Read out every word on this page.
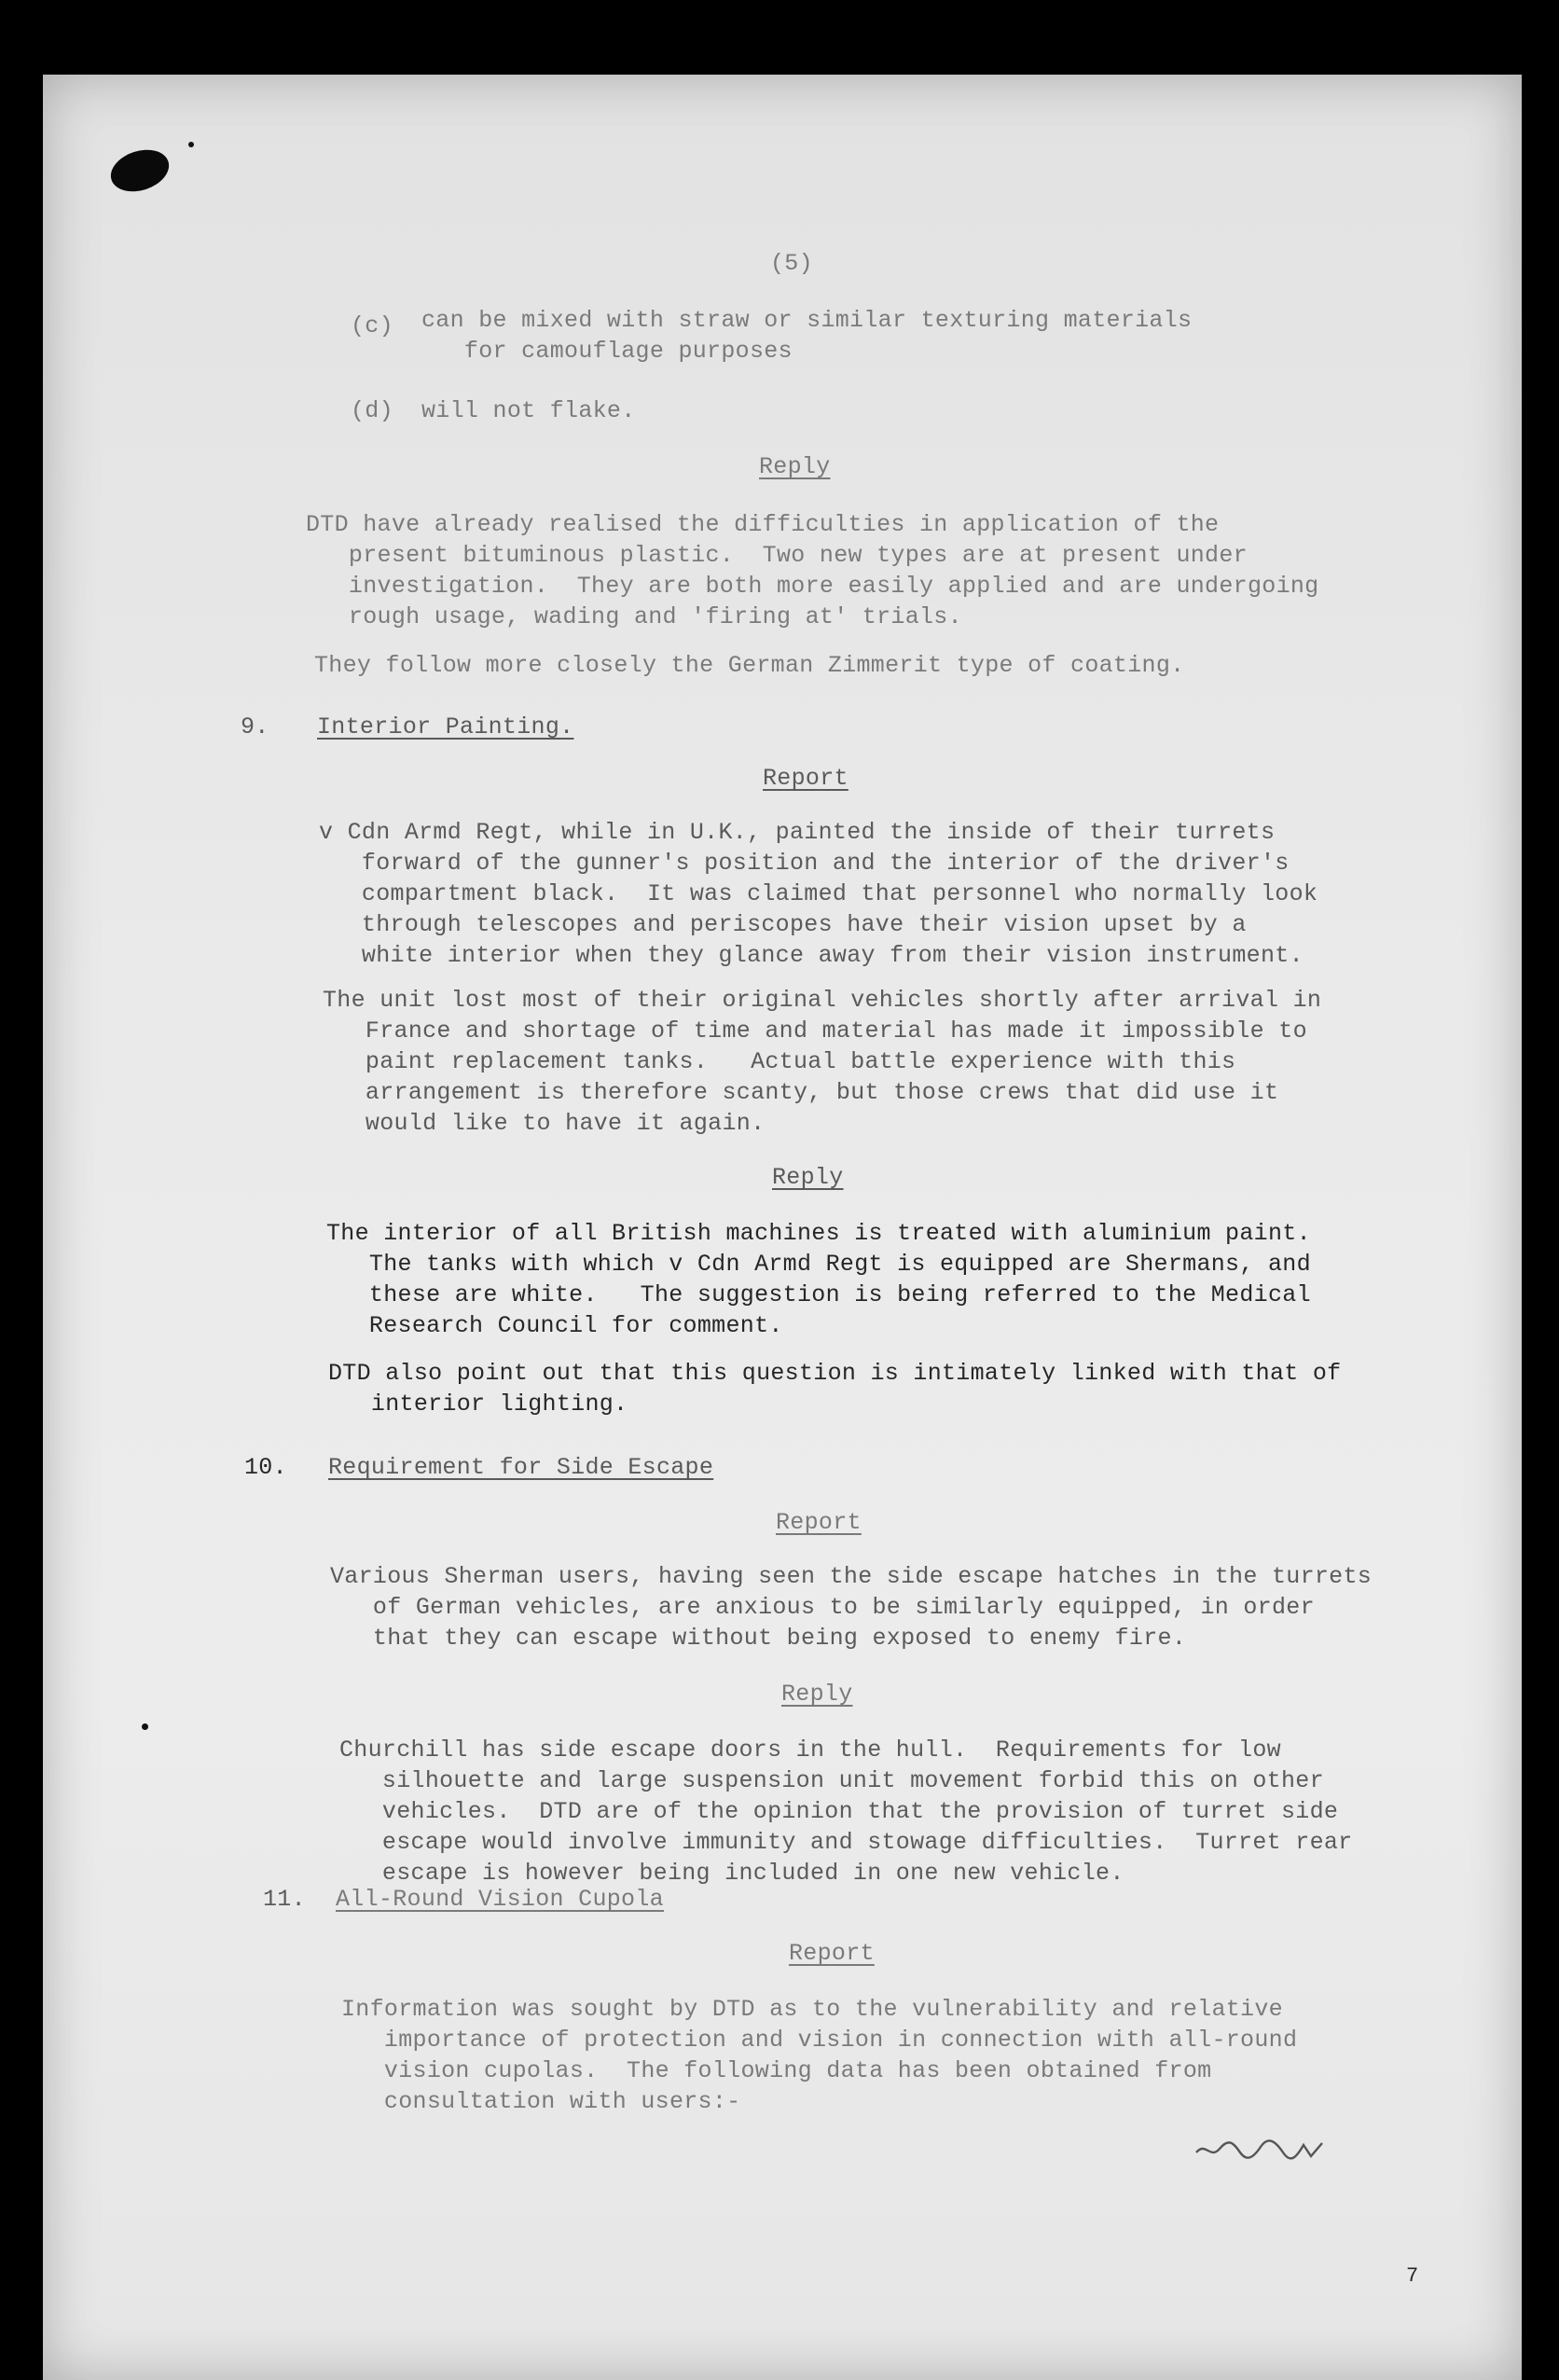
(5)
(c) can be mixed with straw or similar texturing materials
for camouflage purposes
(d) will not flake.
Reply
DTD have already realised the difficulties in application of the
present bituminous plastic.  Two new types are at present under
investigation.  They are both more easily applied and are undergoing
rough usage, wading and 'firing at' trials.
They follow more closely the German Zimmerit type of coating.
9. Interior Painting.
Report
v Cdn Armd Regt, while in U.K., painted the inside of their turrets
forward of the gunner's position and the interior of the driver's
compartment black.  It was claimed that personnel who normally look
through telescopes and periscopes have their vision upset by a
white interior when they glance away from their vision instrument.
The unit lost most of their original vehicles shortly after arrival in
France and shortage of time and material has made it impossible to
paint replacement tanks.   Actual battle experience with this
arrangement is therefore scanty, but those crews that did use it
would like to have it again.
Reply
The interior of all British machines is treated with aluminium paint.
The tanks with which v Cdn Armd Regt is equipped are Shermans, and
these are white.   The suggestion is being referred to the Medical
Research Council for comment.
DTD also point out that this question is intimately linked with that of
interior lighting.
10. Requirement for Side Escape
Report
Various Sherman users, having seen the side escape hatches in the turrets
of German vehicles, are anxious to be similarly equipped, in order
that they can escape without being exposed to enemy fire.
Reply
Churchill has side escape doors in the hull.  Requirements for low
silhouette and large suspension unit movement forbid this on other
vehicles.  DTD are of the opinion that the provision of turret side
escape would involve immunity and stowage difficulties.  Turret rear
escape is however being included in one new vehicle.
11. All-Round Vision Cupola
Report
Information was sought by DTD as to the vulnerability and relative
importance of protection and vision in connection with all-round
vision cupolas.  The following data has been obtained from
consultation with users:-
7
